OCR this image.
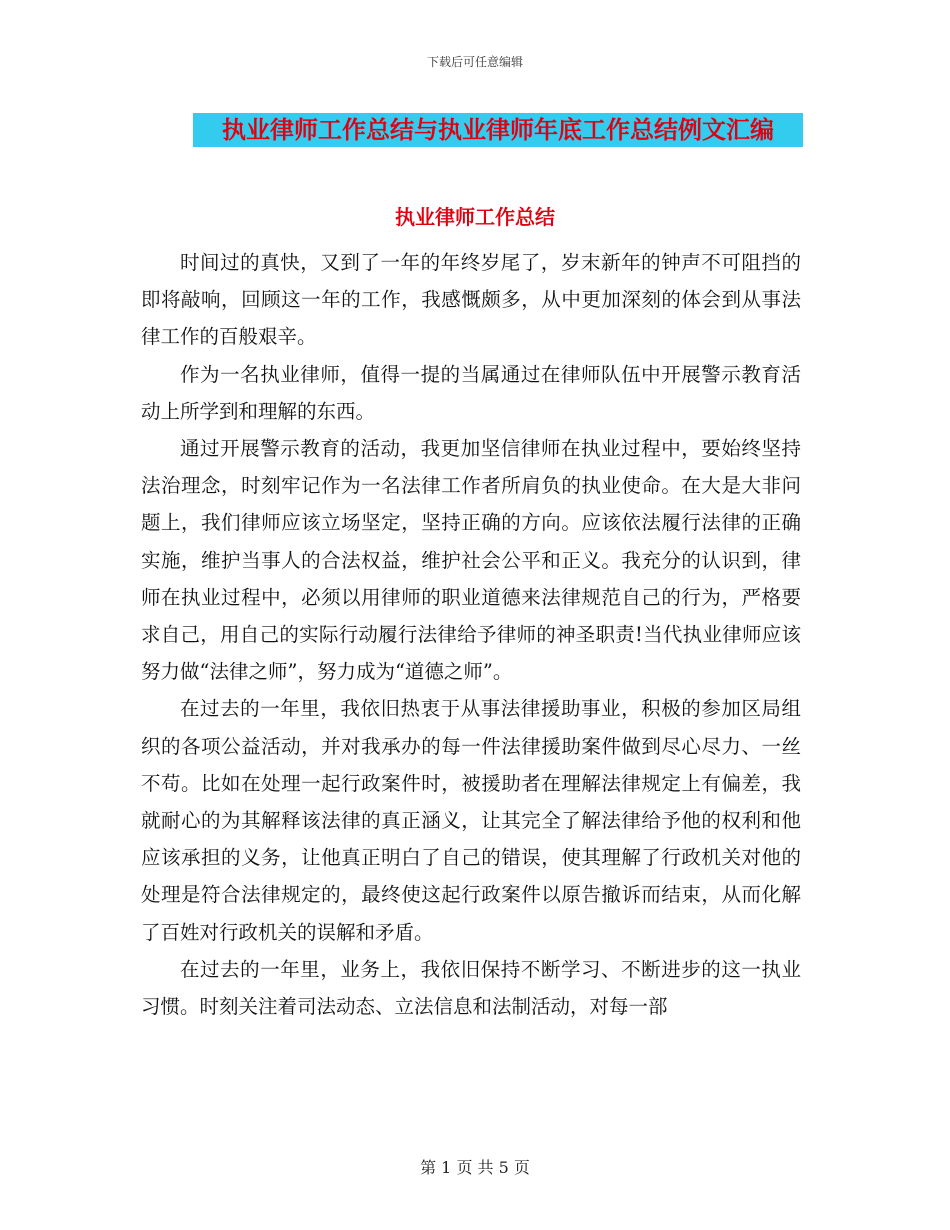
下载后可任意编辑
执业律师工作总结与执业律师年底工作总结例文汇编
执业律师工作总结

时间过的真快，又到了一年的年终岁尾了，岁末新年的钟声不可阻挡的即将敲响，回顾这一年的工作，我感慨颇多，从中更加深刻的体会到从事法律工作的百般艰辛。

作为一名执业律师，值得一提的当属通过在律师队伍中开展警示教育活动上所学到和理解的东西。

通过开展警示教育的活动，我更加坚信律师在执业过程中，要始终坚持法治理念，时刻牢记作为一名法律工作者所肩负的执业使命。在大是大非问题上，我们律师应该立场坚定，坚持正确的方向。应该依法履行法律的正确实施，维护当事人的合法权益，维护社会公平和正义。我充分的认识到，律师在执业过程中，必须以用律师的职业道德来法律规范自己的行为，严格要求自己，用自己的实际行动履行法律给予律师的神圣职责!当代执业律师应该努力做“法律之师”，努力成为“道德之师”。

在过去的一年里，我依旧热衷于从事法律援助事业，积极的参加区局组织的各项公益活动，并对我承办的每一件法律援助案件做到尽心尽力、一丝不苟。比如在处理一起行政案件时，被援助者在理解法律规定上有偏差，我就耐心的为其解释该法律的真正涵义，让其完全了解法律给予他的权利和他应该承担的义务，让他真正明白了自己的错误，使其理解了行政机关对他的处理是符合法律规定的，最终使这起行政案件以原告撤诉而结束，从而化解了百姓对行政机关的误解和矛盾。

在过去的一年里，业务上，我依旧保持不断学习、不断进步的这一执业习惯。时刻关注着司法动态、立法信息和法制活动，对每一部

第 1 页 共 5 页
